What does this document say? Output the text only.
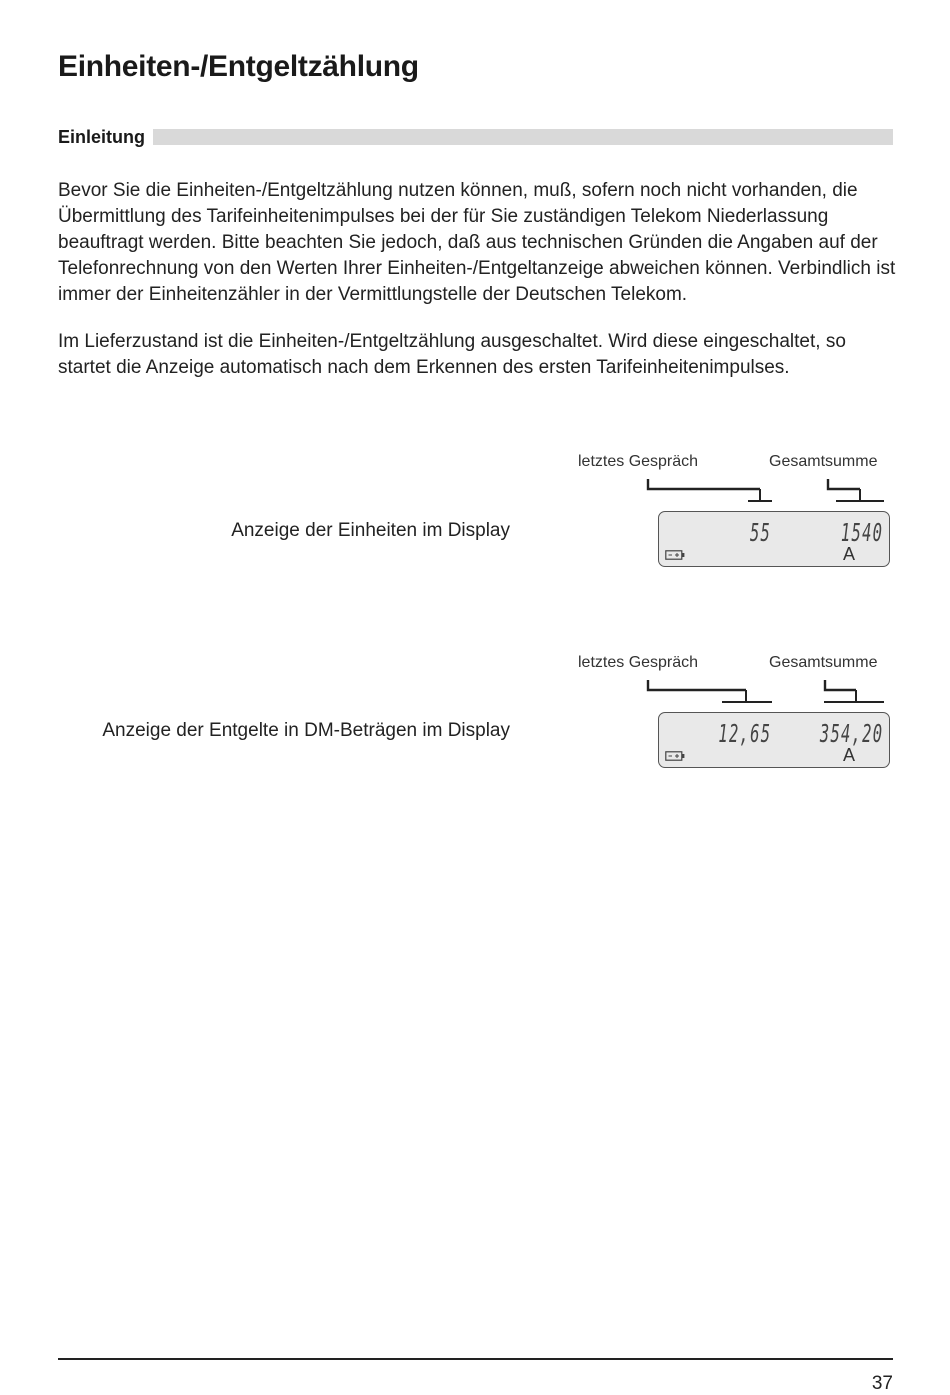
Einheiten-/Entgeltzählung
Einleitung

Bevor Sie die Einheiten-/Entgeltzählung nutzen können, muß, sofern noch nicht vorhanden, die Übermittlung des Tarifeinheitenimpulses bei der für Sie zuständigen Telekom Niederlassung beauftragt werden. Bitte beachten Sie jedoch, daß aus technischen Gründen die Angaben auf der Telefonrechnung von den Werten Ihrer Einheiten-/Entgeltanzeige abweichen können. Verbindlich ist immer der Einheitenzähler in der Vermittlungstelle der Deutschen Telekom.

Im Lieferzustand ist die Einheiten-/Entgeltzählung ausgeschaltet. Wird diese eingeschaltet, so startet die Anzeige automatisch nach dem Erkennen des ersten Tarifeinheitenimpulses.

Anzeige der Einheiten im Display
letztes Gespräch	Gesamtsumme
55	1540
A
Anzeige der Entgelte in DM-Beträgen im Display
letztes Gespräch	Gesamtsumme
12,65 354,20
A
37
